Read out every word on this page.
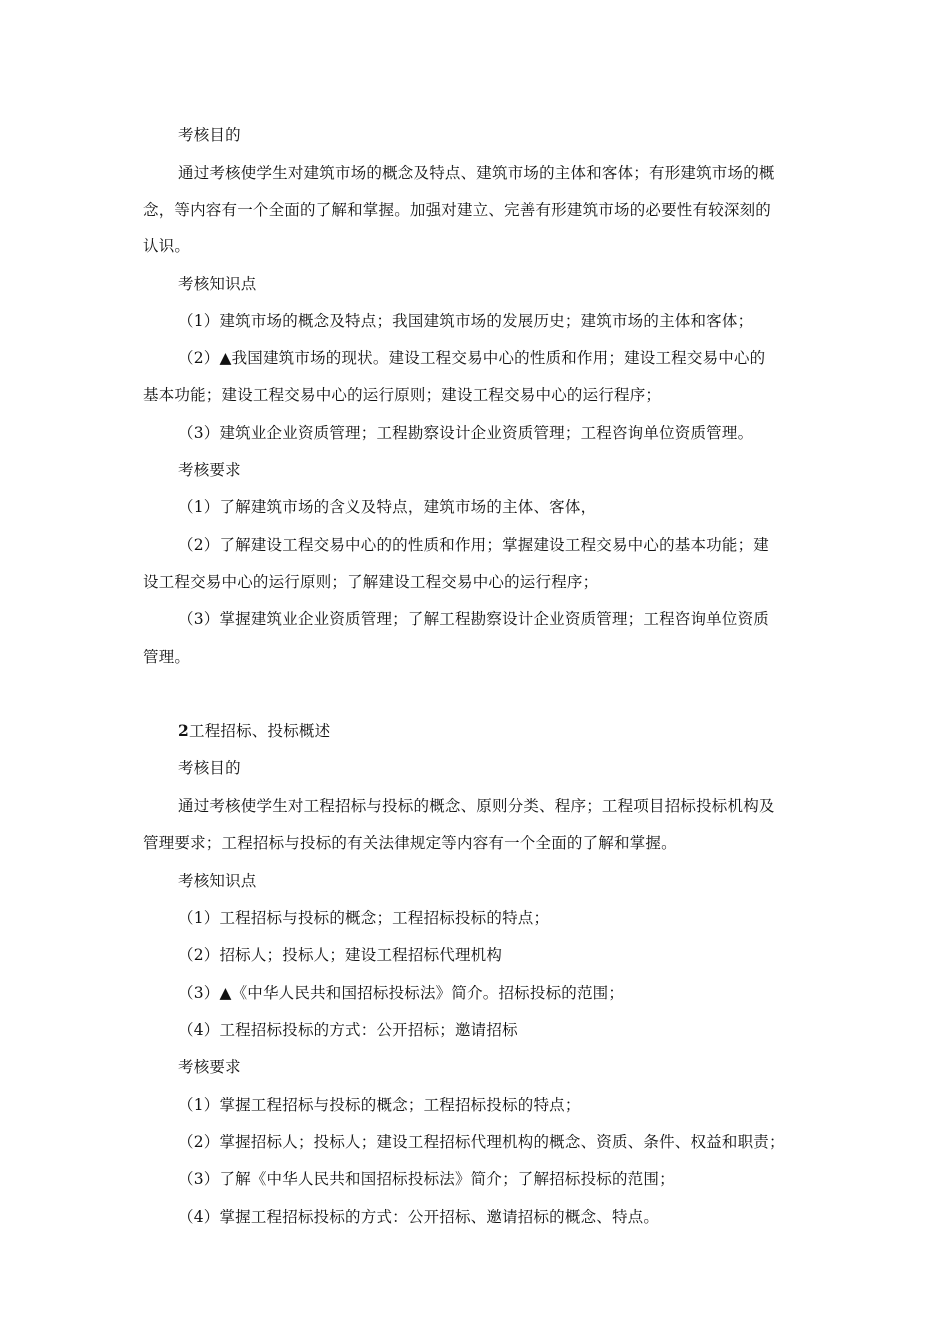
考核目的
通过考核使学生对建筑市场的概念及特点、建筑市场的主体和客体；有形建筑市场的概
念，等内容有一个全面的了解和掌握。加强对建立、完善有形建筑市场的必要性有较深刻的
认识。
考核知识点
（1）建筑市场的概念及特点；我国建筑市场的发展历史；建筑市场的主体和客体；
（2）▲我国建筑市场的现状。建设工程交易中心的性质和作用；建设工程交易中心的
基本功能；建设工程交易中心的运行原则；建设工程交易中心的运行程序；
（3）建筑业企业资质管理；工程勘察设计企业资质管理；工程咨询单位资质管理。
考核要求
（1）了解建筑市场的含义及特点，建筑市场的主体、客体，
（2）了解建设工程交易中心的的性质和作用；掌握建设工程交易中心的基本功能；建
设工程交易中心的运行原则；了解建设工程交易中心的运行程序；
（3）掌握建筑业企业资质管理；了解工程勘察设计企业资质管理；工程咨询单位资质
管理。
2工程招标、投标概述
考核目的
通过考核使学生对工程招标与投标的概念、原则分类、程序；工程项目招标投标机构及
管理要求；工程招标与投标的有关法律规定等内容有一个全面的了解和掌握。
考核知识点
（1）工程招标与投标的概念；工程招标投标的特点；
（2）招标人；投标人；建设工程招标代理机构
（3）▲《中华人民共和国招标投标法》简介。招标投标的范围；
（4）工程招标投标的方式：公开招标；邀请招标
考核要求
（1）掌握工程招标与投标的概念；工程招标投标的特点；
（2）掌握招标人；投标人；建设工程招标代理机构的概念、资质、条件、权益和职责；
（3）了解《中华人民共和国招标投标法》简介；了解招标投标的范围；
（4）掌握工程招标投标的方式：公开招标、邀请招标的概念、特点。
